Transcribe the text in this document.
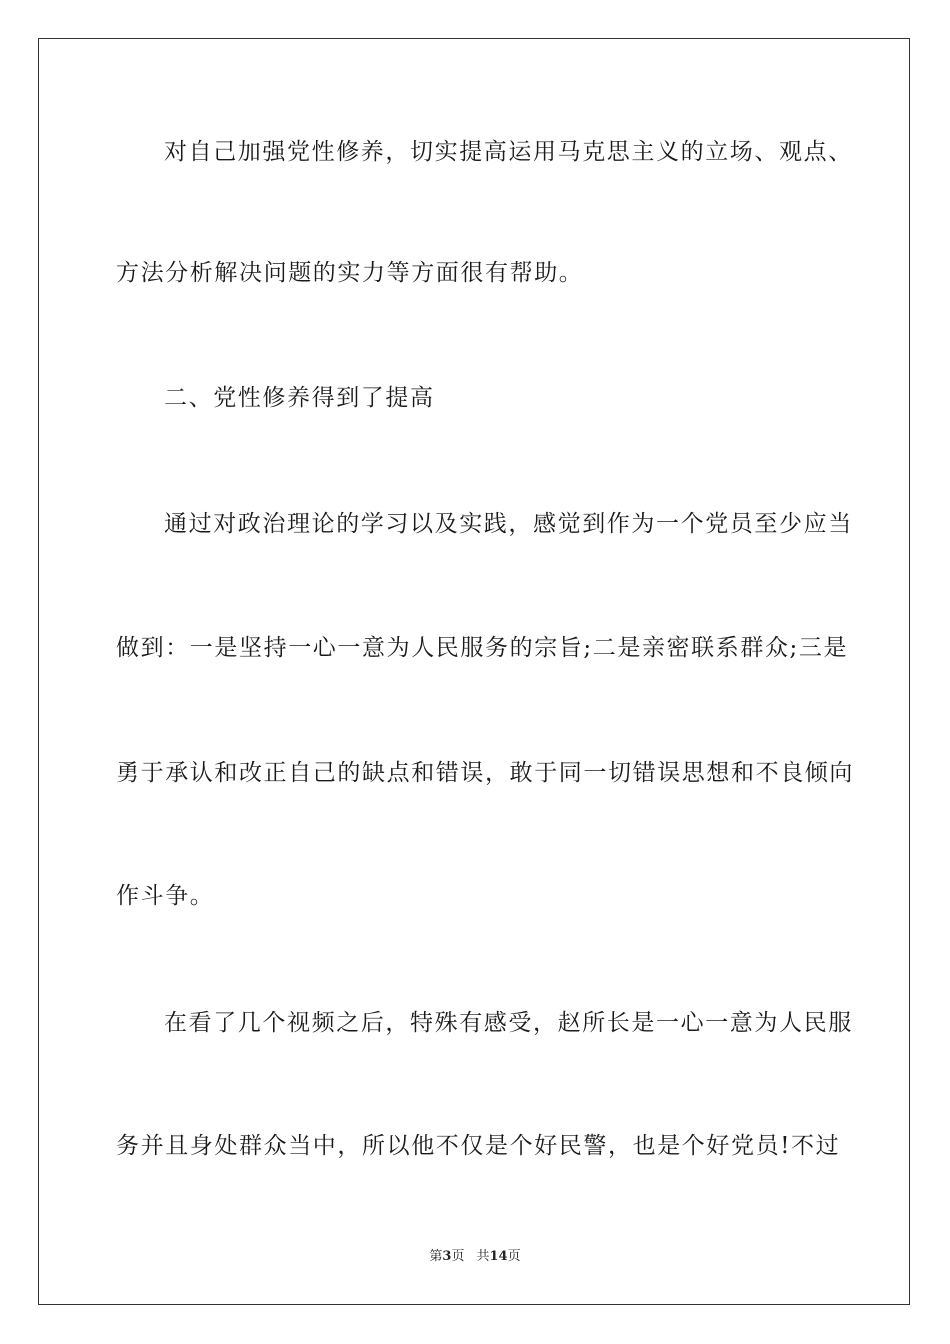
对自己加强党性修养，切实提高运用马克思主义的立场、观点、
方法分析解决问题的实力等方面很有帮助。
二、党性修养得到了提高
通过对政治理论的学习以及实践，感觉到作为一个党员至少应当
做到：一是坚持一心一意为人民服务的宗旨;二是亲密联系群众;三是
勇于承认和改正自己的缺点和错误，敢于同一切错误思想和不良倾向
作斗争。
在看了几个视频之后，特殊有感受，赵所长是一心一意为人民服
务并且身处群众当中，所以他不仅是个好民警，也是个好党员!不过
第3页 共14页
